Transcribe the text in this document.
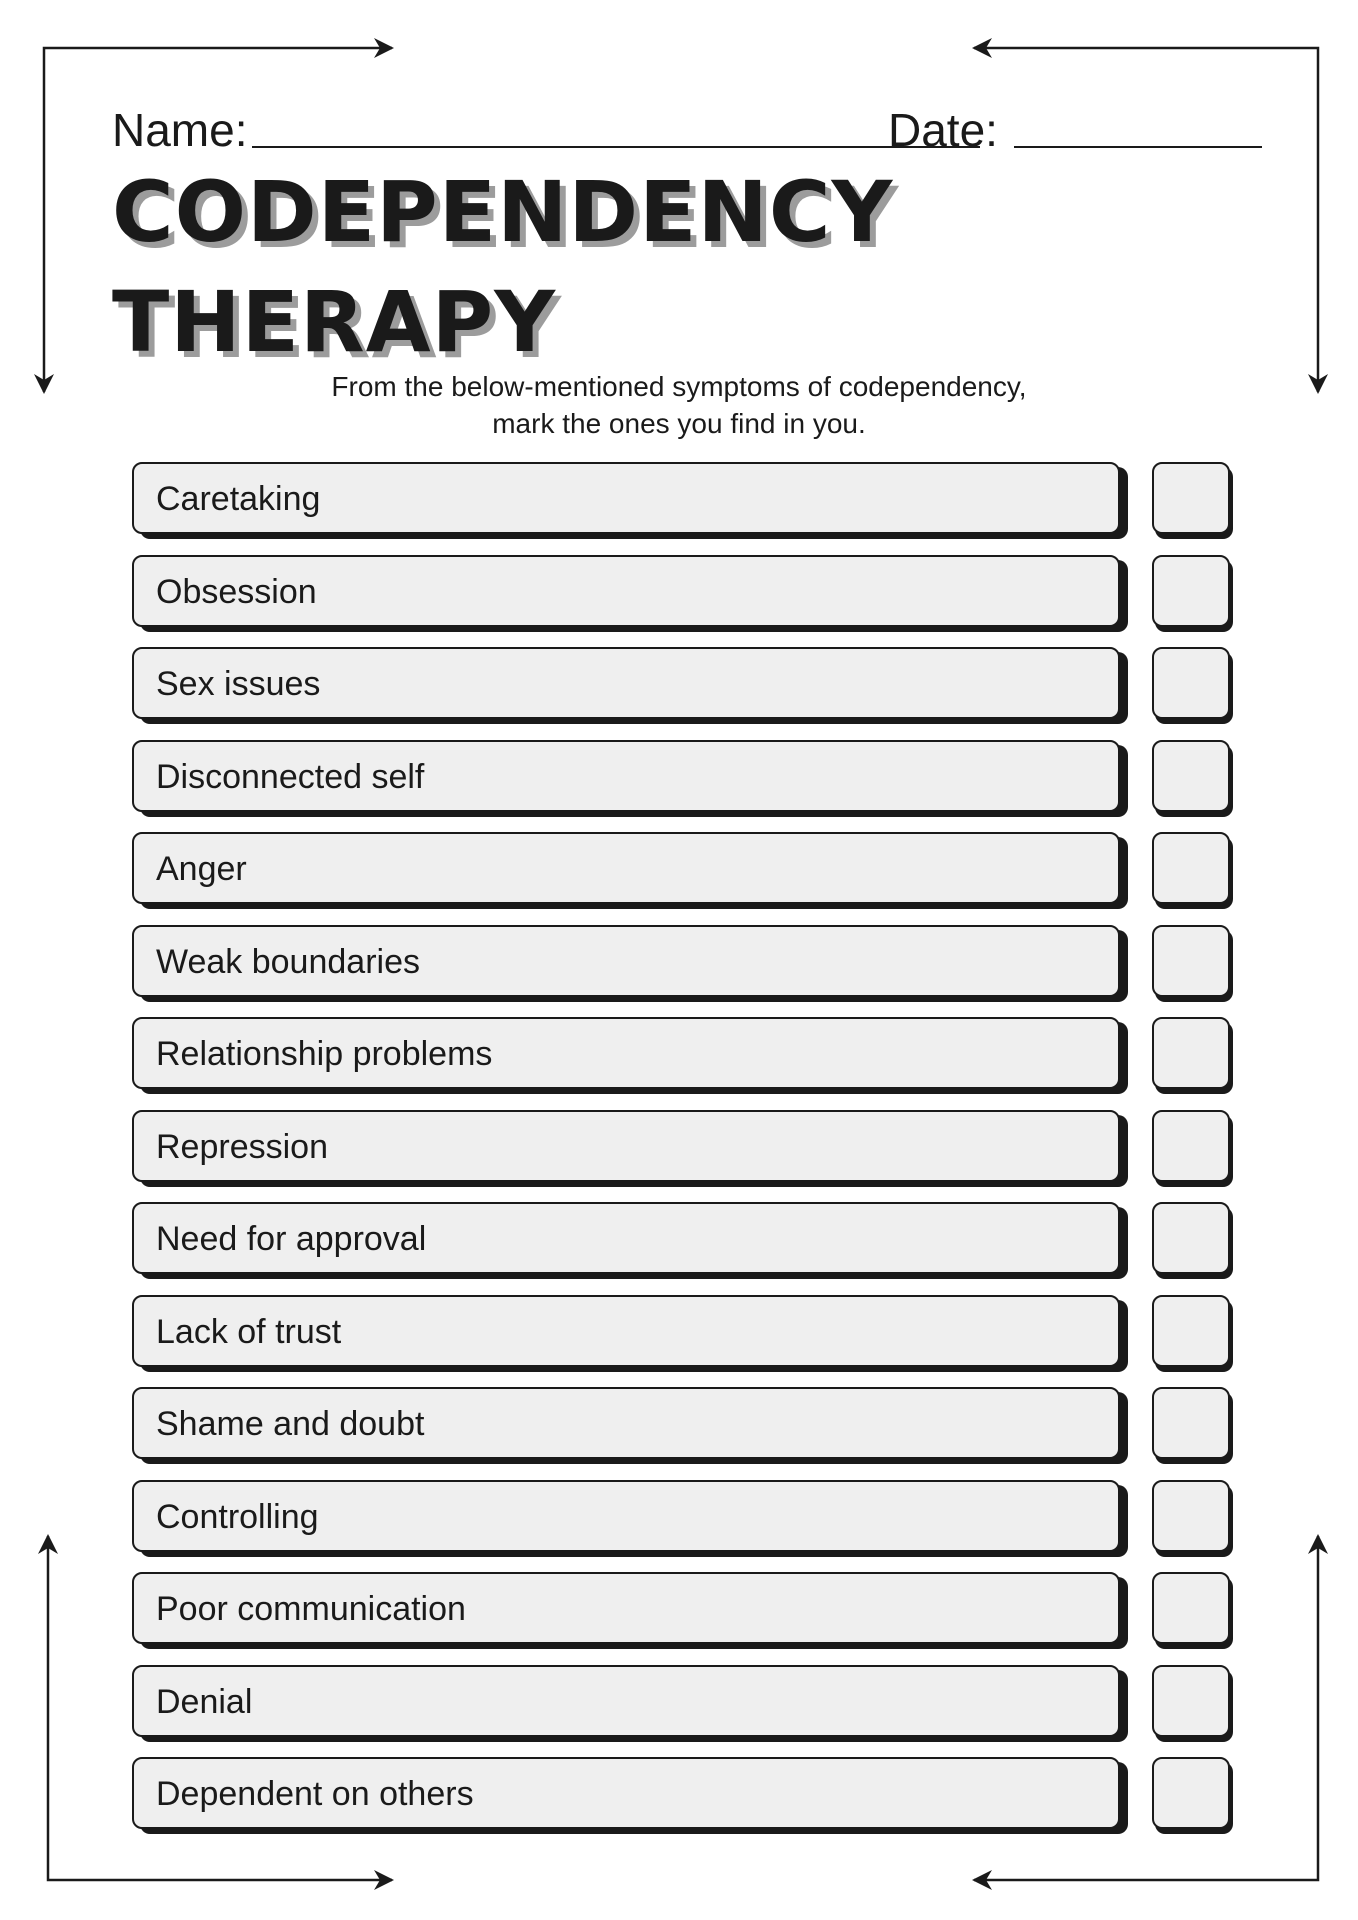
Name:	Date:
CODEPENDENCY
THERAPY
From the below-mentioned symptoms of codependency,
mark the ones you find in you.
Caretaking
Obsession
Sex issues
Disconnected self
Anger
Weak boundaries
Relationship problems
Repression
Need for approval
Lack of trust
Shame and doubt
Controlling
Poor communication
Denial
Dependent on others
